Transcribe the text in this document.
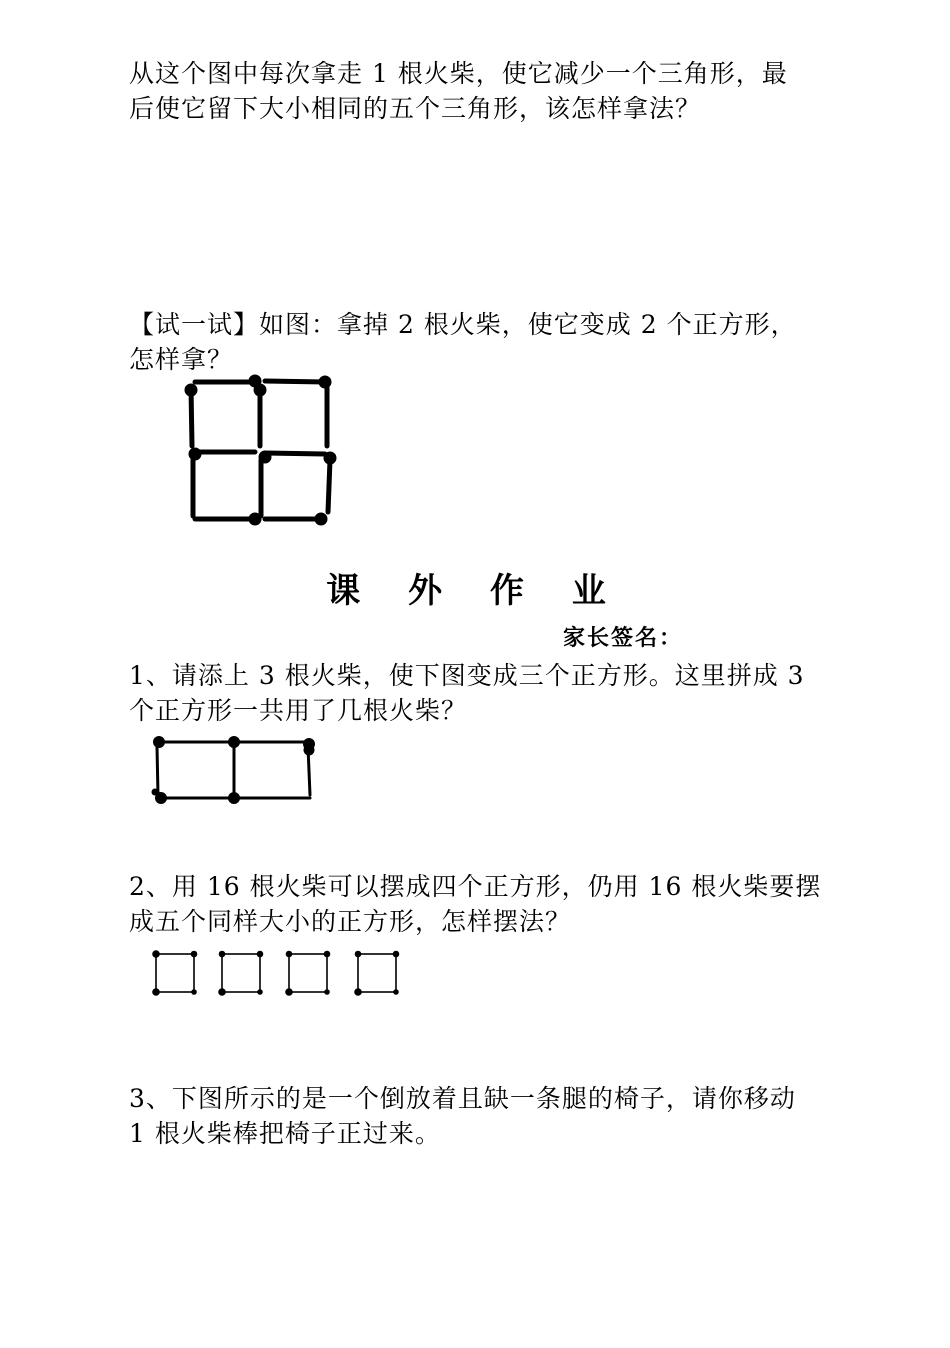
从这个图中每次拿走 1 根火柴，使它减少一个三角形，最
后使它留下大小相同的五个三角形，该怎样拿法？

【试一试】如图：拿掉 2 根火柴，使它变成 2 个正方形，
怎样拿？

课 外 作 业
家长签名：

1、请添上 3 根火柴，使下图变成三个正方形。这里拼成 3
个正方形一共用了几根火柴？

2、用 16 根火柴可以摆成四个正方形，仍用 16 根火柴要摆
成五个同样大小的正方形，怎样摆法？

3、下图所示的是一个倒放着且缺一条腿的椅子，请你移动
1 根火柴棒把椅子正过来。
